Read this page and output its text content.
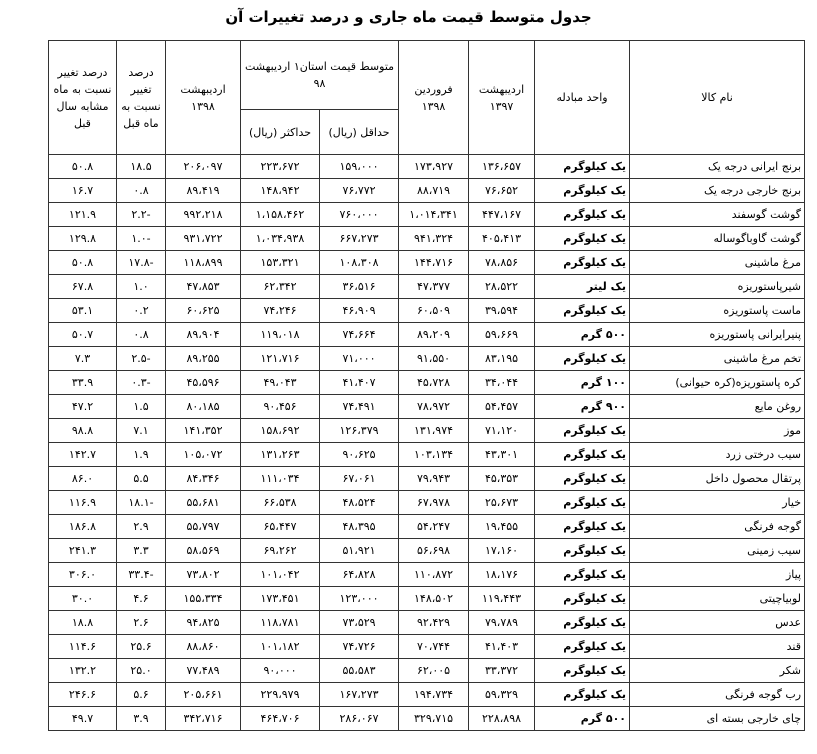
جدول متوسط قیمت ماه جاری و درصد تغییرات آن
نام کالا	واحد مبادله	اردیبهشت ۱۳۹۷	فروردین ۱۳۹۸	متوسط قیمت استان۱ اردیبهشت ۹۸		اردیبهشت ۱۳۹۸	درصد تغییر نسبت به ماه قبل	درصد تغییر نسبت به ماه مشابه سال قبل
				حداقل (ریال)	حداکثر (ریال)			
برنج ایرانی درجه یک	یک کیلوگرم	۱۳۶،۶۵۷	۱۷۳،۹۲۷	۱۵۹،۰۰۰	۲۲۳،۶۷۲	۲۰۶،۰۹۷	۱۸.۵	۵۰.۸
برنج خارجی درجه یک	یک کیلوگرم	۷۶،۶۵۲	۸۸،۷۱۹	۷۶،۷۷۲	۱۴۸،۹۴۲	۸۹،۴۱۹	۰.۸	۱۶.۷
گوشت گوسفند	یک کیلوگرم	۴۴۷،۱۶۷	۱،۰۱۴،۳۴۱	۷۶۰،۰۰۰	۱،۱۵۸،۴۶۲	۹۹۲،۲۱۸	-۲.۲	۱۲۱.۹
گوشت گاوباگوساله	یک کیلوگرم	۴۰۵،۴۱۳	۹۴۱،۳۲۴	۶۶۷،۲۷۳	۱،۰۳۴،۹۳۸	۹۳۱،۷۲۲	-۱.۰	۱۲۹.۸
مرغ ماشینی	یک کیلوگرم	۷۸،۸۵۶	۱۴۴،۷۱۶	۱۰۸،۳۰۸	۱۵۳،۳۲۱	۱۱۸،۸۹۹	-۱۷.۸	۵۰.۸
شیرپاستوریزه	یک لیتر	۲۸،۵۲۲	۴۷،۳۷۷	۳۶،۵۱۶	۶۲،۳۴۲	۴۷،۸۵۳	۱.۰	۶۷.۸
ماست پاستوریزه	یک کیلوگرم	۳۹،۵۹۴	۶۰،۵۰۹	۴۶،۹۰۹	۷۴،۲۴۶	۶۰،۶۲۵	۰.۲	۵۳.۱
پنیرایرانی پاستوریزه	۵۰۰ گرم	۵۹،۶۶۹	۸۹،۲۰۹	۷۴،۶۶۴	۱۱۹،۰۱۸	۸۹،۹۰۴	۰.۸	۵۰.۷
تخم مرغ ماشینی	یک کیلوگرم	۸۳،۱۹۵	۹۱،۵۵۰	۷۱،۰۰۰	۱۲۱،۷۱۶	۸۹،۲۵۵	-۲.۵	۷.۳
کره پاستوریزه(کره حیوانی)	۱۰۰ گرم	۳۴،۰۴۴	۴۵،۷۲۸	۴۱،۴۰۷	۴۹،۰۴۳	۴۵،۵۹۶	-۰.۳	۳۳.۹
روغن مایع	۹۰۰ گرم	۵۴،۴۵۷	۷۸،۹۷۲	۷۴،۴۹۱	۹۰،۴۵۶	۸۰،۱۸۵	۱.۵	۴۷.۲
موز	یک کیلوگرم	۷۱،۱۲۰	۱۳۱،۹۷۴	۱۲۶،۳۷۹	۱۵۸،۶۹۲	۱۴۱،۳۵۲	۷.۱	۹۸.۸
سیب درختی زرد	یک کیلوگرم	۴۳،۳۰۱	۱۰۳،۱۳۴	۹۰،۶۲۵	۱۳۱،۲۶۳	۱۰۵،۰۷۲	۱.۹	۱۴۲.۷
پرتقال محصول داخل	یک کیلوگرم	۴۵،۳۵۳	۷۹،۹۴۳	۶۷،۰۶۱	۱۱۱،۰۳۴	۸۴،۳۴۶	۵.۵	۸۶.۰
خیار	یک کیلوگرم	۲۵،۶۷۳	۶۷،۹۷۸	۴۸،۵۲۴	۶۶،۵۳۸	۵۵،۶۸۱	-۱۸.۱	۱۱۶.۹
گوجه فرنگی	یک کیلوگرم	۱۹،۴۵۵	۵۴،۲۴۷	۴۸،۳۹۵	۶۵،۴۴۷	۵۵،۷۹۷	۲.۹	۱۸۶.۸
سیب زمینی	یک کیلوگرم	۱۷،۱۶۰	۵۶،۶۹۸	۵۱،۹۲۱	۶۹،۲۶۲	۵۸،۵۶۹	۳.۳	۲۴۱.۳
پیاز	یک کیلوگرم	۱۸،۱۷۶	۱۱۰،۸۷۲	۶۴،۸۲۸	۱۰۱،۰۴۲	۷۳،۸۰۲	-۳۳.۴	۳۰۶.۰
لوبیاچیتی	یک کیلوگرم	۱۱۹،۴۴۳	۱۴۸،۵۰۲	۱۲۳،۰۰۰	۱۷۳،۴۵۱	۱۵۵،۳۳۴	۴.۶	۳۰.۰
عدس	یک کیلوگرم	۷۹،۷۸۹	۹۲،۴۲۹	۷۳،۵۲۹	۱۱۸،۷۸۱	۹۴،۸۲۵	۲.۶	۱۸.۸
قند	یک کیلوگرم	۴۱،۴۰۳	۷۰،۷۴۴	۷۴،۷۲۶	۱۰۱،۱۸۲	۸۸،۸۶۰	۲۵.۶	۱۱۴.۶
شکر	یک کیلوگرم	۳۳،۳۷۲	۶۲،۰۰۵	۵۵،۵۸۳	۹۰،۰۰۰	۷۷،۴۸۹	۲۵.۰	۱۳۲.۲
رب گوجه فرنگی	یک کیلوگرم	۵۹،۳۲۹	۱۹۴،۷۳۴	۱۶۷،۲۷۳	۲۲۹،۹۷۹	۲۰۵،۶۶۱	۵.۶	۲۴۶.۶
چای خارجی بسته ای	۵۰۰ گرم	۲۲۸،۸۹۸	۳۲۹،۷۱۵	۲۸۶،۰۶۷	۴۶۴،۷۰۶	۳۴۲،۷۱۶	۳.۹	۴۹.۷
